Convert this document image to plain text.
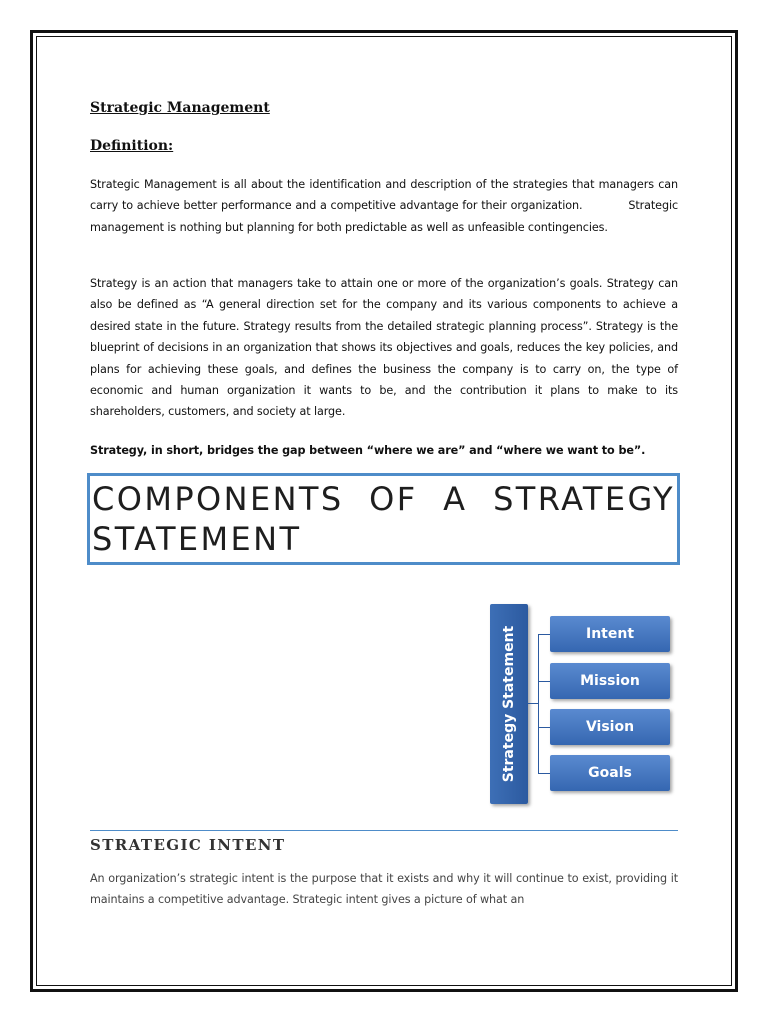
Strategic Management
Definition:

Strategic Management is all about the identification and description of the strategies that managers can carry to achieve better performance and a competitive advantage for their organization.            Strategic management is nothing but planning for both predictable as well as unfeasible contingencies.

Strategy is an action that managers take to attain one or more of the organization’s goals. Strategy can also be defined as “A general direction set for the company and its various components to achieve a desired state in the future. Strategy results from the detailed strategic planning process”. Strategy is the blueprint of decisions in an organization that shows its objectives and goals, reduces the key policies, and plans for achieving these goals, and defines the business the company is to carry on, the type of economic and human organization it wants to be, and the contribution it plans to make to its shareholders, customers, and society at large.

Strategy, in short, bridges the gap between “where we are” and “where we want to be”.

COMPONENTS OF A STRATEGY STATEMENT
Strategy Statement	Intent
Mission
Vision
Goals
STRATEGIC INTENT

An organization’s strategic intent is the purpose that it exists and why it will continue to exist, providing it maintains a competitive advantage. Strategic intent gives a picture of what an
